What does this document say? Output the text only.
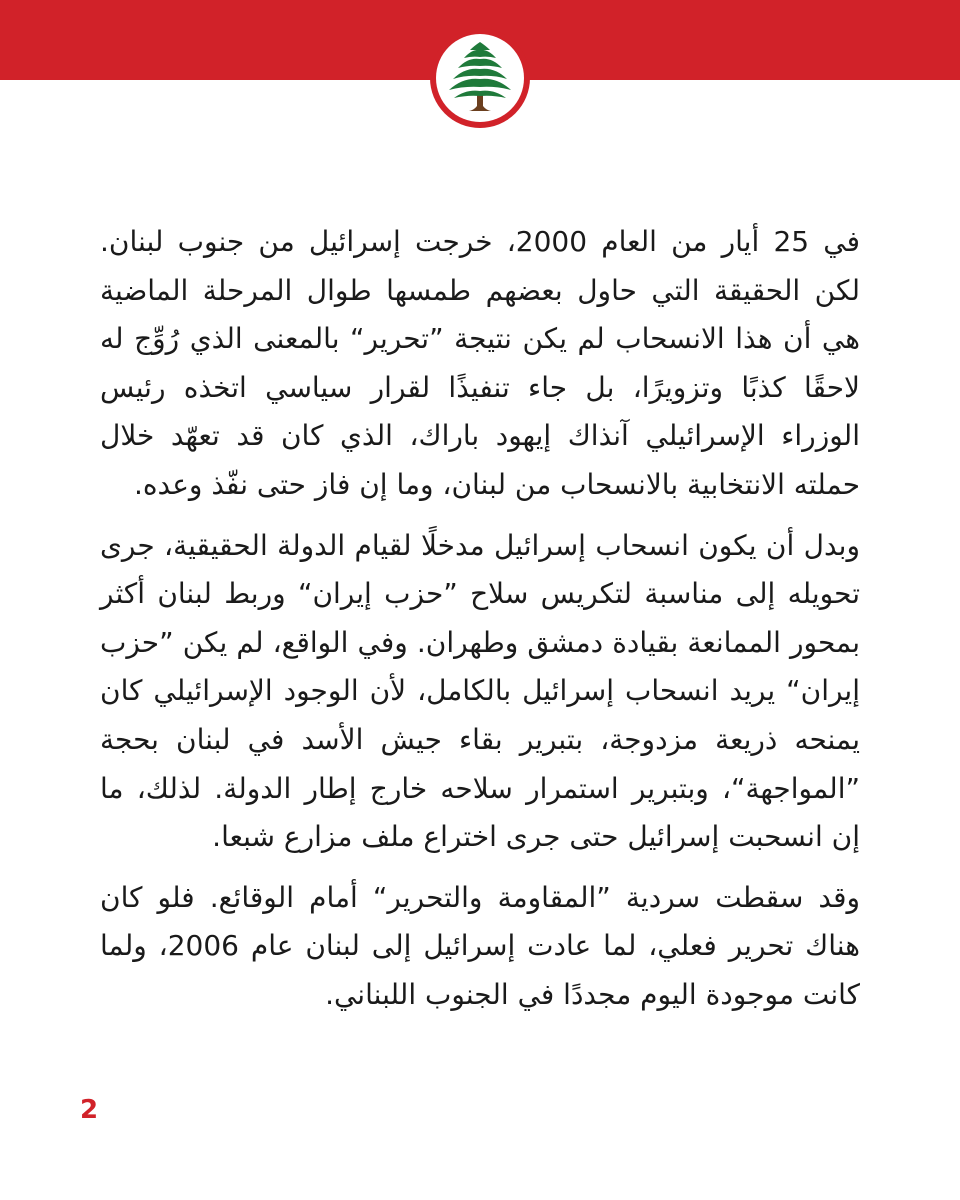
في 25 أيار من العام 2000، خرجت إسرائيل من جنوب لبنان. لكن الحقيقة التي حاول بعضهم طمسها طوال المرحلة الماضية هي أن هذا الانسحاب لم يكن نتيجة ”تحرير“ بالمعنى الذي رُوِّج له لاحقًا كذبًا وتزويرًا، بل جاء تنفيذًا لقرار سياسي اتخذه رئيس الوزراء الإسرائيلي آنذاك إيهود باراك، الذي كان قد تعهّد خلال حملته الانتخابية بالانسحاب من لبنان، وما إن فاز حتى نفّذ وعده.

وبدل أن يكون انسحاب إسرائيل مدخلًا لقيام الدولة الحقيقية، جرى تحويله إلى مناسبة لتكريس سلاح ”حزب إيران“ وربط لبنان أكثر بمحور الممانعة بقيادة دمشق وطهران. وفي الواقع، لم يكن ”حزب إيران“ يريد انسحاب إسرائيل بالكامل، لأن الوجود الإسرائيلي كان يمنحه ذريعة مزدوجة، بتبرير بقاء جيش الأسد في لبنان بحجة ”المواجهة“، وبتبرير استمرار سلاحه خارج إطار الدولة. لذلك، ما إن انسحبت إسرائيل حتى جرى اختراع ملف مزارع شبعا.

وقد سقطت سردية ”المقاومة والتحرير“ أمام الوقائع. فلو كان هناك تحرير فعلي، لما عادت إسرائيل إلى لبنان عام 2006، ولما كانت موجودة اليوم مجددًا في الجنوب اللبناني.

2
